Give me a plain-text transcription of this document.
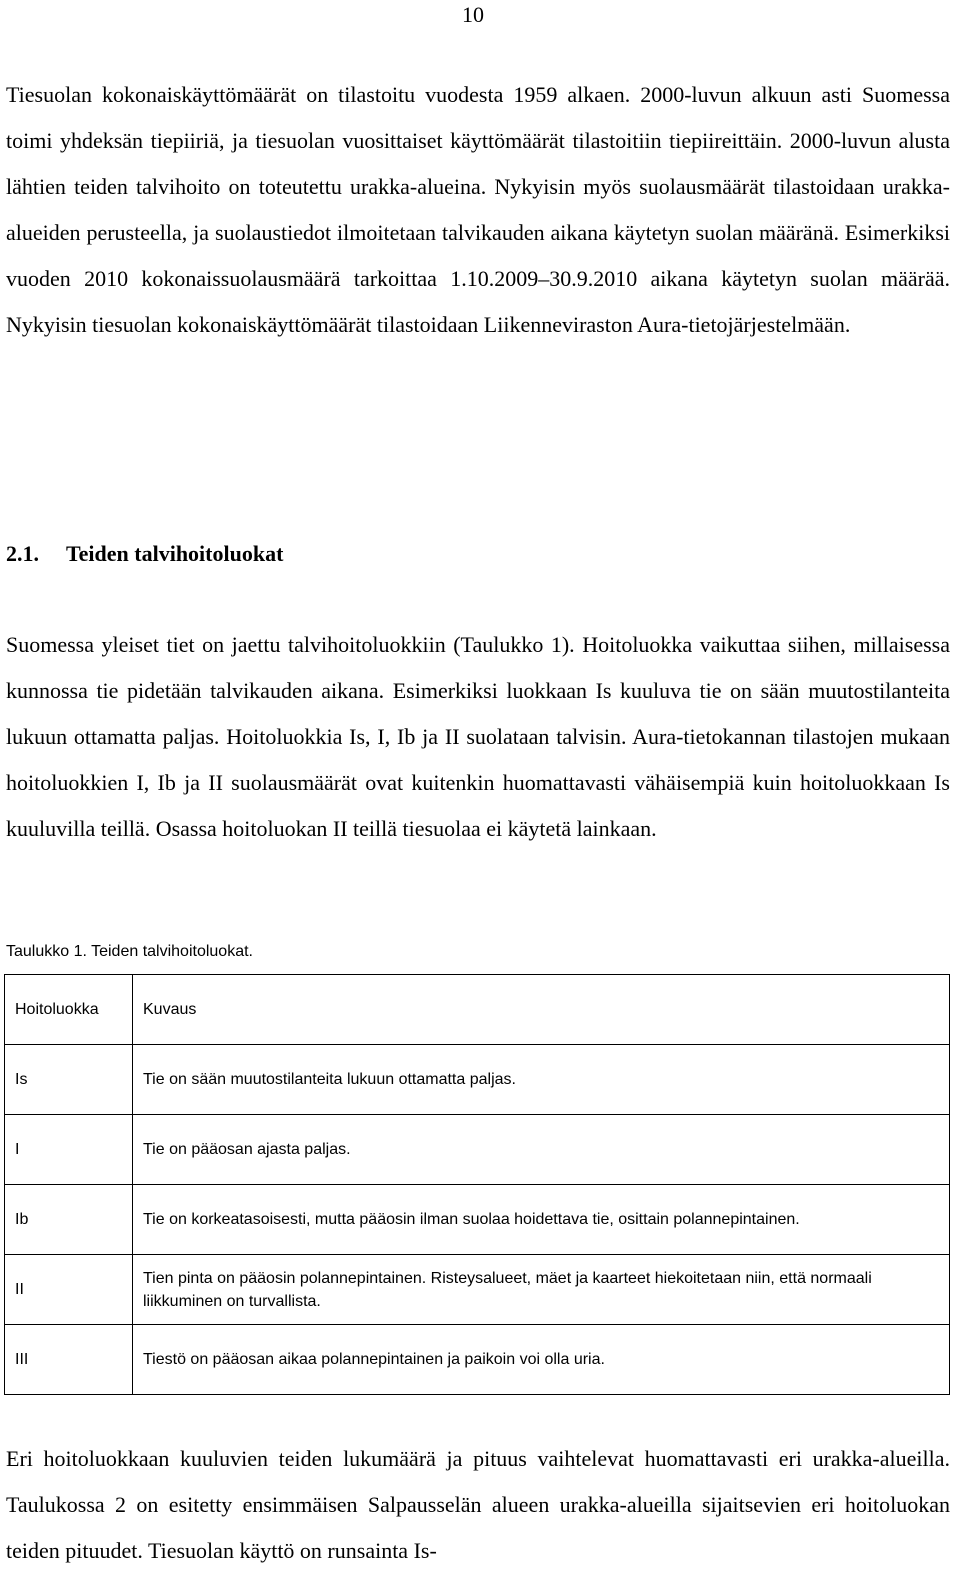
10

Tiesuolan kokonaiskäyttömäärät on tilastoitu vuodesta 1959 alkaen. 2000-luvun alkuun asti Suomessa toimi yhdeksän tiepiiriä, ja tiesuolan vuosittaiset käyttömäärät tilastoitiin tiepiireittäin. 2000-luvun alusta lähtien teiden talvihoito on toteutettu urakka-alueina. Nykyisin myös suolausmäärät tilastoidaan urakka-alueiden perusteella, ja suolaustiedot ilmoitetaan talvikauden aikana käytetyn suolan määränä. Esimerkiksi vuoden 2010 kokonaissuolausmäärä tarkoittaa 1.10.2009–30.9.2010 aikana käytetyn suolan määrää. Nykyisin tiesuolan kokonaiskäyttömäärät tilastoidaan Liikenneviraston Aura-tietojärjestelmään.

2.1. Teiden talvihoitoluokat

Suomessa yleiset tiet on jaettu talvihoitoluokkiin (Taulukko 1). Hoitoluokka vaikuttaa siihen, millaisessa kunnossa tie pidetään talvikauden aikana. Esimerkiksi luokkaan Is kuuluva tie on sään muutostilanteita lukuun ottamatta paljas. Hoitoluokkia Is, I, Ib ja II suolataan talvisin. Aura-tietokannan tilastojen mukaan hoitoluokkien I, Ib ja II suolausmäärät ovat kuitenkin huomattavasti vähäisempiä kuin hoitoluokkaan Is kuuluvilla teillä. Osassa hoitoluokan II teillä tiesuolaa ei käytetä lainkaan.

Taulukko 1. Teiden talvihoitoluokat.
Hoitoluokka	Kuvaus
Is	Tie on sään muutostilanteita lukuun ottamatta paljas.
I	Tie on pääosan ajasta paljas.
Ib	Tie on korkeatasoisesti, mutta pääosin ilman suolaa hoidettava tie, osittain polannepintainen.
II	Tien pinta on pääosin polannepintainen. Risteysalueet, mäet ja kaarteet hiekoitetaan niin, että normaali liikkuminen on turvallista.
III	Tiestö on pääosan aikaa polannepintainen ja paikoin voi olla uria.

Eri hoitoluokkaan kuuluvien teiden lukumäärä ja pituus vaihtelevat huomattavasti eri urakka-alueilla. Taulukossa 2 on esitetty ensimmäisen Salpausselän alueen urakka-alueilla sijaitsevien eri hoitoluokan teiden pituudet. Tiesuolan käyttö on runsainta Is-
